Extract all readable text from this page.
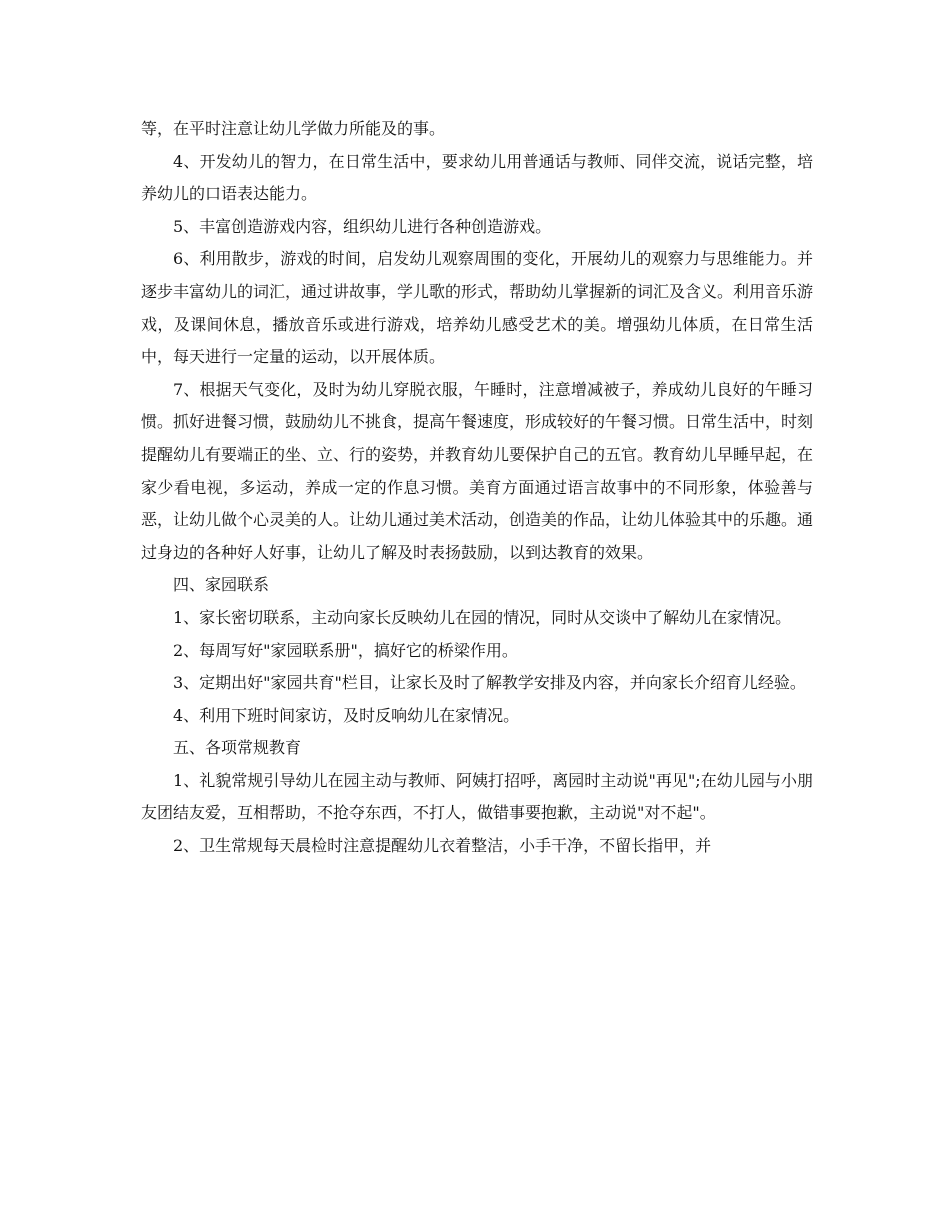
等，在平时注意让幼儿学做力所能及的事。

4、开发幼儿的智力，在日常生活中，要求幼儿用普通话与教师、同伴交流，说话完整，培养幼儿的口语表达能力。

5、丰富创造游戏内容，组织幼儿进行各种创造游戏。

6、利用散步，游戏的时间，启发幼儿观察周围的变化，开展幼儿的观察力与思维能力。并逐步丰富幼儿的词汇，通过讲故事，学儿歌的形式，帮助幼儿掌握新的词汇及含义。利用音乐游戏，及课间休息，播放音乐或进行游戏，培养幼儿感受艺术的美。增强幼儿体质，在日常生活中，每天进行一定量的运动，以开展体质。

7、根据天气变化，及时为幼儿穿脱衣服，午睡时，注意增减被子，养成幼儿良好的午睡习惯。抓好进餐习惯，鼓励幼儿不挑食，提高午餐速度，形成较好的午餐习惯。日常生活中，时刻提醒幼儿有要端正的坐、立、行的姿势，并教育幼儿要保护自己的五官。教育幼儿早睡早起，在家少看电视，多运动，养成一定的作息习惯。美育方面通过语言故事中的不同形象，体验善与恶，让幼儿做个心灵美的人。让幼儿通过美术活动，创造美的作品，让幼儿体验其中的乐趣。通过身边的各种好人好事，让幼儿了解及时表扬鼓励，以到达教育的效果。

四、家园联系

1、家长密切联系，主动向家长反映幼儿在园的情况，同时从交谈中了解幼儿在家情况。

2、每周写好"家园联系册"，搞好它的桥梁作用。

3、定期出好"家园共育"栏目，让家长及时了解教学安排及内容，并向家长介绍育儿经验。

4、利用下班时间家访，及时反响幼儿在家情况。

五、各项常规教育

1、礼貌常规引导幼儿在园主动与教师、阿姨打招呼，离园时主动说"再见";在幼儿园与小朋友团结友爱，互相帮助，不抢夺东西，不打人，做错事要抱歉，主动说"对不起"。

2、卫生常规每天晨检时注意提醒幼儿衣着整洁，小手干净，不留长指甲，并
